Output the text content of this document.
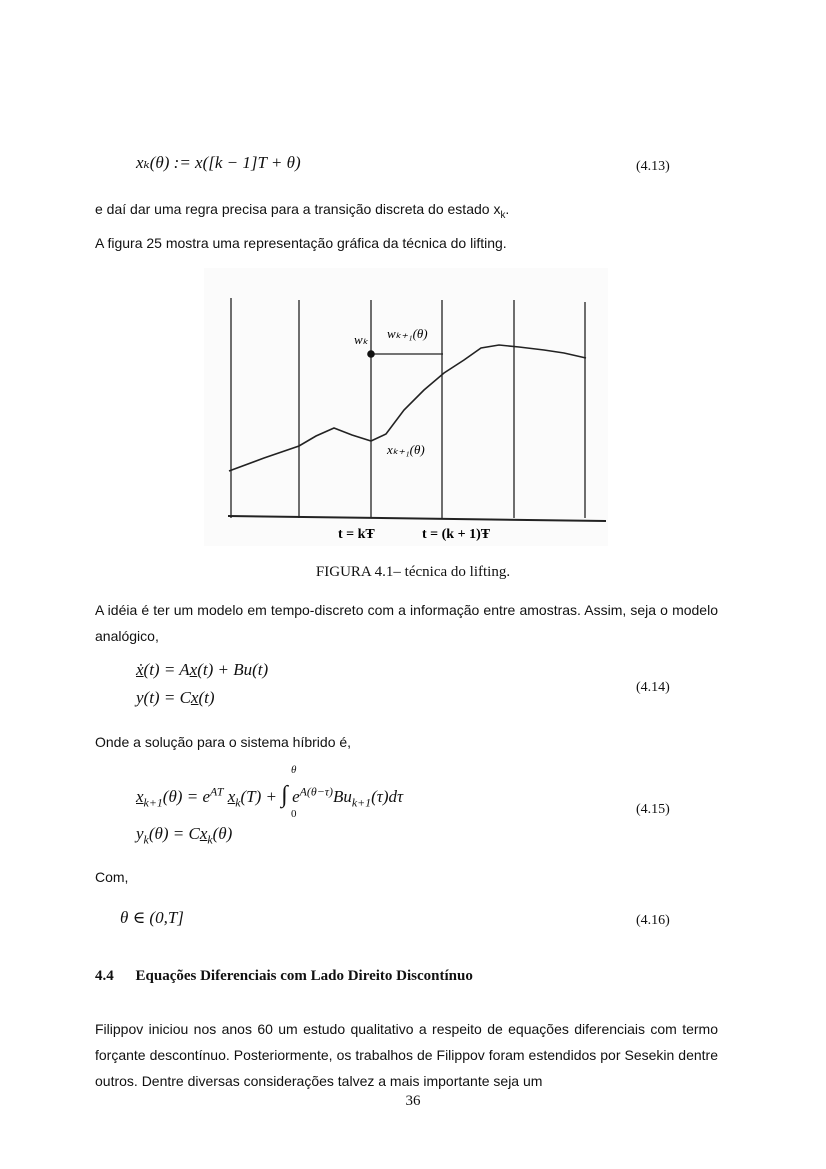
xₖ(θ) := x([k − 1]T + θ)	(4.13)
e daí dar uma regra precisa para a transição discreta do estado $x_k$.
A figura 25 mostra uma representação gráfica da técnica do lifting.
wₖ wₖ₊₁(θ)
xₖ₊₁(θ)
t = kŦ	t = (k + 1)Ŧ
FIGURA 4.1– técnica do lifting.
A idéia é ter um modelo em tempo-discreto com a informação entre amostras. Assim, seja o modelo analógico,
ẋ(t) = Ax(t) + Bu(t)
y(t) = Cx(t)
(4.14)
Onde a solução para o sistema híbrido é,
$x_{k+1}(\theta) = e^{AT}$ $x_k(T)$ + ∫ $e^{A(\theta-\tau)}Bu_{k+1}(\tau)d\tau$
θ
0
$y_k(\theta) = Cx_k(\theta)$
(4.15)
Com,
θ ∈ (0,T]	(4.16)
4.4 Equações Diferenciais com Lado Direito Discontínuo
Filippov iniciou nos anos 60 um estudo qualitativo a respeito de equações diferenciais com termo forçante descontínuo. Posteriormente, os trabalhos de Filippov foram estendidos por Sesekin dentre outros. Dentre diversas considerações talvez a mais importante seja um
36
